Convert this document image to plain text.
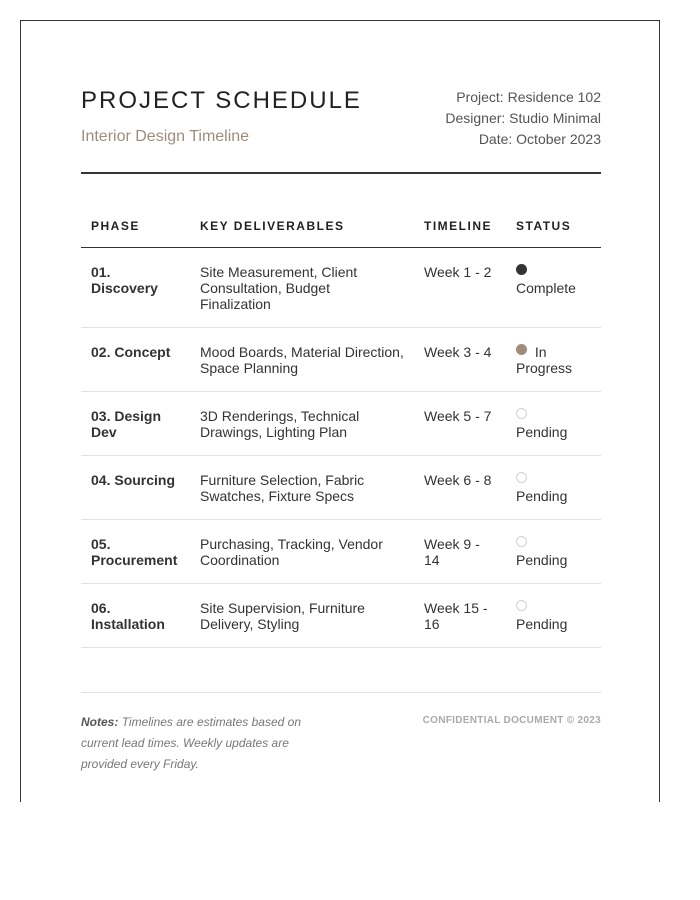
PROJECT SCHEDULE
Interior Design Timeline
Project: Residence 102
Designer: Studio Minimal
Date: October 2023
PHASE	KEY DELIVERABLES	TIMELINE	STATUS
01. Discovery	Site Measurement, Client Consultation, Budget Finalization	Week 1 - 2	Complete
02. Concept	Mood Boards, Material Direction, Space Planning	Week 3 - 4	In Progress
03. Design Dev	3D Renderings, Technical Drawings, Lighting Plan	Week 5 - 7	Pending
04. Sourcing	Furniture Selection, Fabric Swatches, Fixture Specs	Week 6 - 8	Pending
05. Procurement	Purchasing, Tracking, Vendor Coordination	Week 9 - 14	Pending
06. Installation	Site Supervision, Furniture Delivery, Styling	Week 15 - 16	Pending
Notes: Timelines are estimates based on current lead times. Weekly updates are provided every Friday.
CONFIDENTIAL DOCUMENT © 2023
